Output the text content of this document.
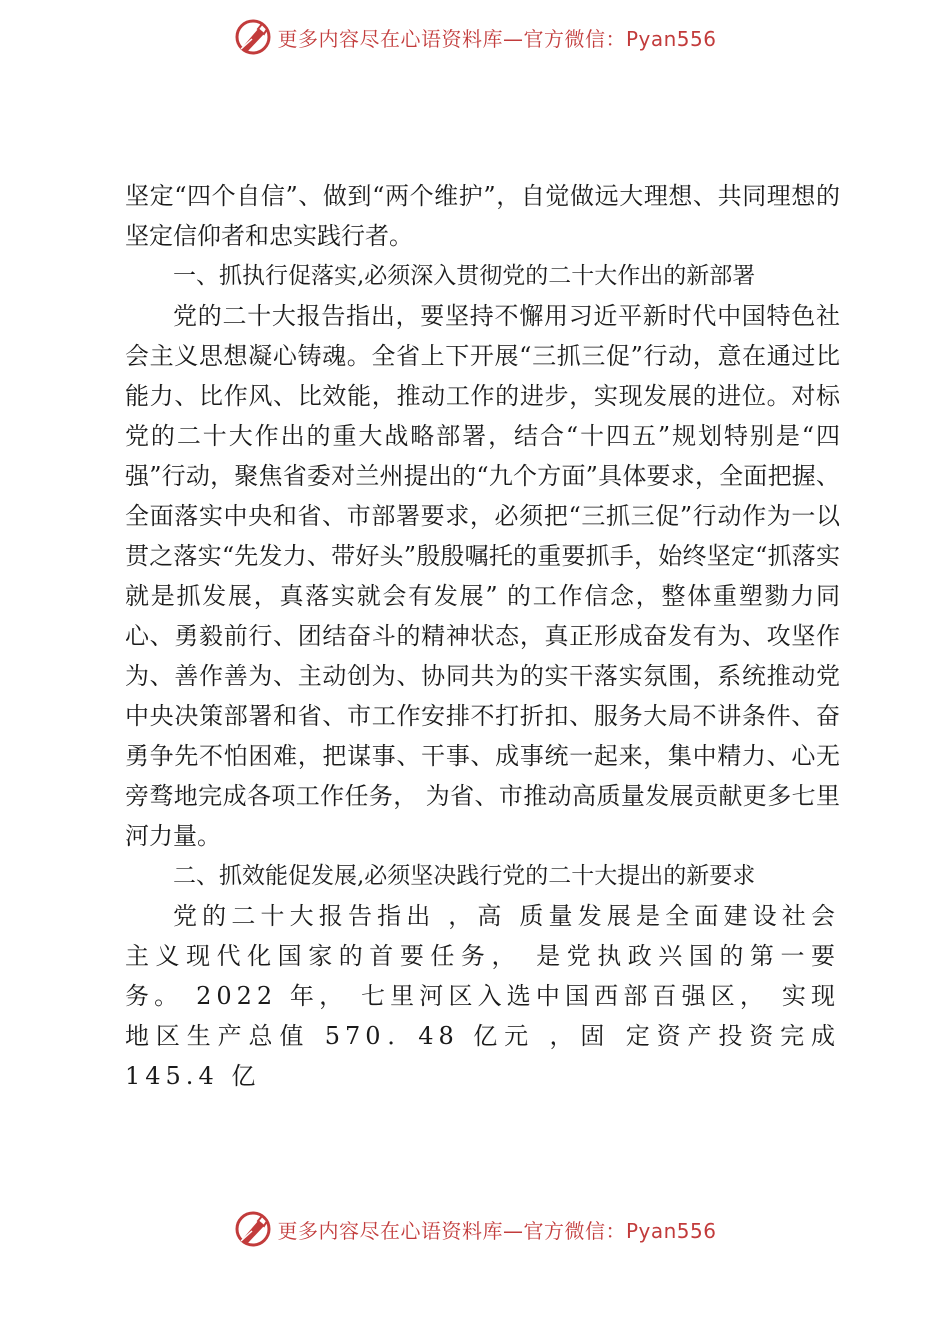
更多内容尽在心语资料库—官方微信：Pyan556

坚定“四个自信”、做到“两个维护”，自觉做远大理想、共同理想的坚定信仰者和忠实践行者。

一、抓执行促落实,必须深入贯彻党的二十大作出的新部署

党的二十大报告指出，要坚持不懈用习近平新时代中国特色社会主义思想凝心铸魂。全省上下开展“三抓三促”行动，意在通过比能力、比作风、比效能，推动工作的进步，实现发展的进位。对标党的二十大作出的重大战略部署，结合“十四五”规划特别是“四强”行动，聚焦省委对兰州提出的“九个方面”具体要求，全面把握、全面落实中央和省、市部署要求，必须把“三抓三促”行动作为一以贯之落实“先发力、带好头”殷殷嘱托的重要抓手，始终坚定“抓落实就是抓发展，真落实就会有发展” 的工作信念，整体重塑勠力同心、勇毅前行、团结奋斗的精神状态，真正形成奋发有为、攻坚作为、善作善为、主动创为、协同共为的实干落实氛围，系统推动党中央决策部署和省、市工作安排不打折扣、服务大局不讲条件、奋勇争先不怕困难，把谋事、干事、成事统一起来，集中精力、心无旁骛地完成各项工作任务， 为省、市推动高质量发展贡献更多七里河力量。

二、抓效能促发展,必须坚决践行党的二十大提出的新要求

党的二十大报告指出 ，高 质量发展是全面建设社会主义现代化国家的首要任务， 是党执政兴国的第一要务。 2022 年， 七里河区入选中国西部百强区， 实现地区生产总值 570．48 亿元 ，固 定资产投资完成 145.4 亿

更多内容尽在心语资料库—官方微信：Pyan556
